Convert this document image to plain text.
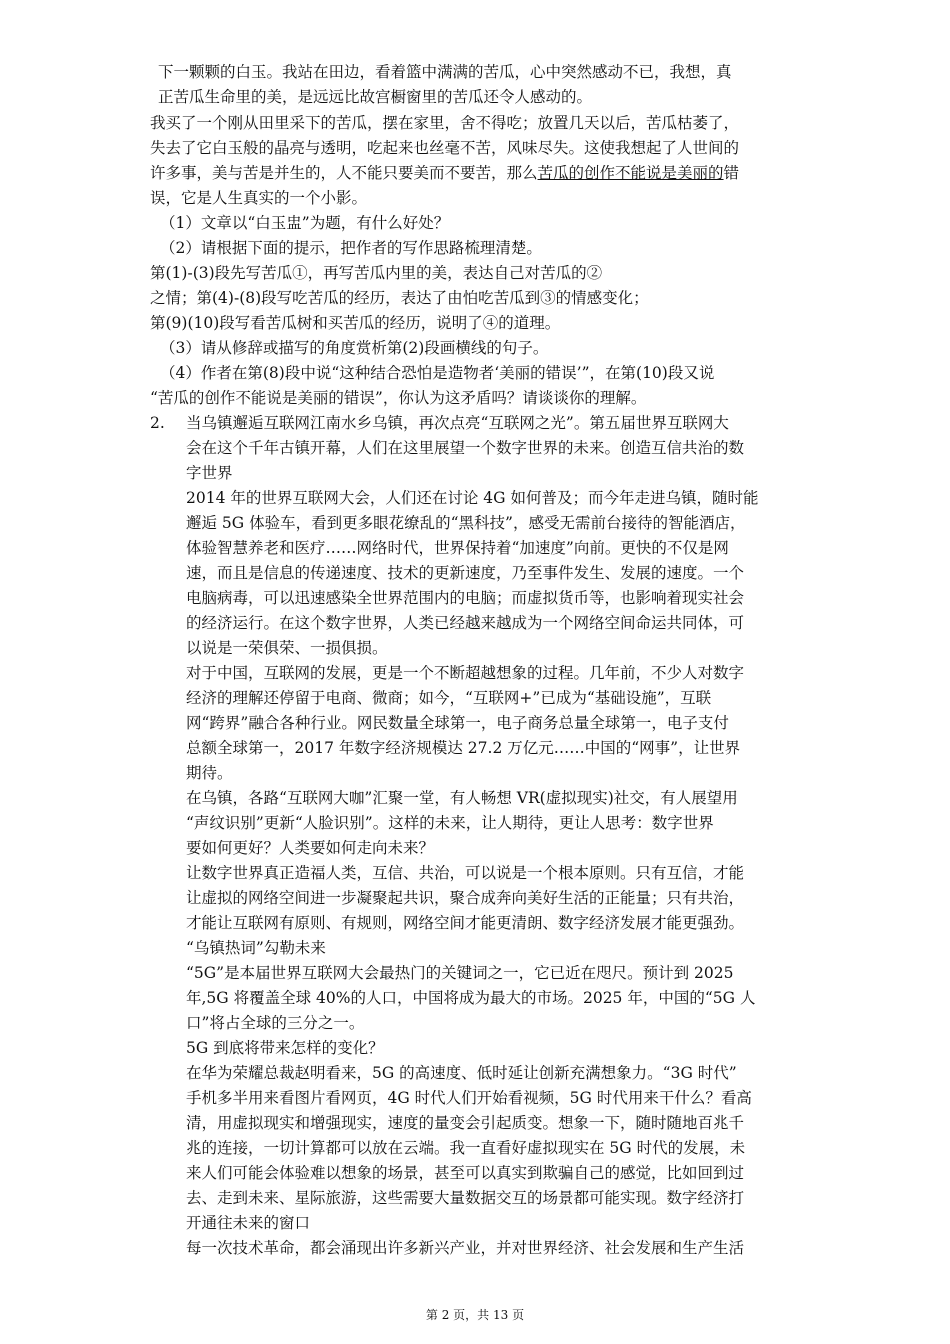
下一颗颗的白玉。我站在田边，看着篮中满满的苦瓜，心中突然感动不已，我想，真
正苦瓜生命里的美，是远远比故宫橱窗里的苦瓜还令人感动的。
我买了一个刚从田里采下的苦瓜，摆在家里，舍不得吃；放置几天以后，苦瓜枯萎了，
失去了它白玉般的晶亮与透明，吃起来也丝毫不苦，风味尽失。这使我想起了人世间的
许多事，美与苦是并生的，人不能只要美而不要苦，那么苦瓜的创作不能说是美丽的错
误，它是人生真实的一个小影。
（1）文章以“白玉盅”为题，有什么好处？
（2）请根据下面的提示，把作者的写作思路梳理清楚。
第(1)-(3)段先写苦瓜①，再写苦瓜内里的美，表达自己对苦瓜的②
之情；第(4)-(8)段写吃苦瓜的经历，表达了由怕吃苦瓜到③的情感变化；
第(9)(10)段写看苦瓜树和买苦瓜的经历，说明了④的道理。
（3）请从修辞或描写的角度赏析第(2)段画横线的句子。
（4）作者在第(8)段中说“这种结合恐怕是造物者‘美丽的错误’”，在第(10)段又说
“苦瓜的创作不能说是美丽的错误”，你认为这矛盾吗？请谈谈你的理解。
2. 当乌镇邂逅互联网江南水乡乌镇，再次点亮“互联网之光”。第五届世界互联网大
会在这个千年古镇开幕，人们在这里展望一个数字世界的未来。创造互信共治的数
字世界
2014 年的世界互联网大会，人们还在讨论 4G 如何普及；而今年走进乌镇，随时能
邂逅 5G 体验车，看到更多眼花缭乱的“黑科技”，感受无需前台接待的智能酒店，
体验智慧养老和医疗……网络时代，世界保持着“加速度”向前。更快的不仅是网
速，而且是信息的传递速度、技术的更新速度，乃至事件发生、发展的速度。一个
电脑病毒，可以迅速感染全世界范围内的电脑；而虚拟货币等，也影响着现实社会
的经济运行。在这个数字世界，人类已经越来越成为一个网络空间命运共同体，可
以说是一荣俱荣、一损俱损。
对于中国，互联网的发展，更是一个不断超越想象的过程。几年前，不少人对数字
经济的理解还停留于电商、微商；如今，“互联网+”已成为“基础设施”，互联
网“跨界”融合各种行业。网民数量全球第一，电子商务总量全球第一，电子支付
总额全球第一，2017 年数字经济规模达 27.2 万亿元……中国的“网事”，让世界
期待。
在乌镇，各路“互联网大咖”汇聚一堂，有人畅想 VR(虚拟现实)社交，有人展望用
“声纹识别”更新“人脸识别”。这样的未来，让人期待，更让人思考：数字世界
要如何更好？人类要如何走向未来？
让数字世界真正造福人类，互信、共治，可以说是一个根本原则。只有互信，才能
让虚拟的网络空间进一步凝聚起共识，聚合成奔向美好生活的正能量；只有共治，
才能让互联网有原则、有规则，网络空间才能更清朗、数字经济发展才能更强劲。
“乌镇热词”勾勒未来
“5G”是本届世界互联网大会最热门的关键词之一，它已近在咫尺。预计到 2025
年,5G 将覆盖全球 40%的人口，中国将成为最大的市场。2025 年，中国的“5G 人
口”将占全球的三分之一。
5G 到底将带来怎样的变化？
在华为荣耀总裁赵明看来，5G 的高速度、低时延让创新充满想象力。“3G 时代”
手机多半用来看图片看网页，4G 时代人们开始看视频，5G 时代用来干什么？看高
清，用虚拟现实和增强现实，速度的量变会引起质变。想象一下，随时随地百兆千
兆的连接，一切计算都可以放在云端。我一直看好虚拟现实在 5G 时代的发展，未
来人们可能会体验难以想象的场景，甚至可以真实到欺骗自己的感觉，比如回到过
去、走到未来、星际旅游，这些需要大量数据交互的场景都可能实现。数字经济打
开通往未来的窗口
每一次技术革命，都会涌现出许多新兴产业，并对世界经济、社会发展和生产生活
第 2 页，共 13 页
